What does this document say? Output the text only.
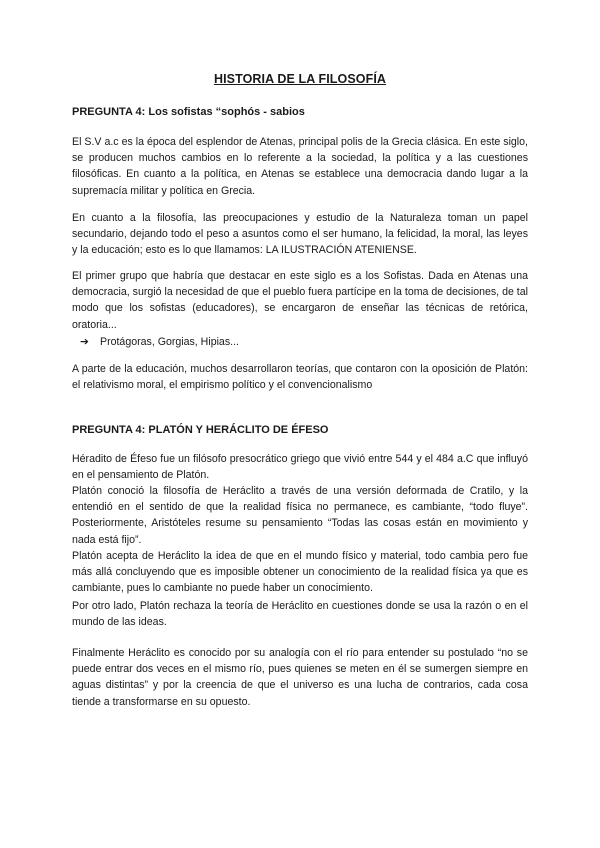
HISTORIA DE LA FILOSOFÍA
PREGUNTA 4: Los sofistas “sophós - sabios

El S.V a.c es la época del esplendor de Atenas, principal polis de la Grecia clásica. En este siglo, se producen muchos cambios en lo referente a la sociedad, la política y a las cuestiones filosóficas. En cuanto a la política, en Atenas se establece una democracia dando lugar a la supremacía militar y política en Grecia.

En cuanto a la filosofía, las preocupaciones y estudio de la Naturaleza toman un papel secundario, dejando todo el peso a asuntos como el ser humano, la felicidad, la moral, las leyes y la educación; esto es lo que llamamos: LA ILUSTRACIÓN ATENIENSE.

El primer grupo que habría que destacar en este siglo es a los Sofistas. Dada en Atenas una democracia, surgió la necesidad de que el pueblo fuera partícipe en la toma de decisiones, de tal modo que los sofistas (educadores), se encargaron de enseñar las técnicas de retórica, oratoria...

➔ Protágoras, Gorgias, Hipias...

A parte de la educación, muchos desarrollaron teorías, que contaron con la oposición de Platón: el relativismo moral, el empirismo político y el convencionalismo

PREGUNTA 4: PLATÓN Y HERÁCLITO DE ÉFESO

Héradito de Éfeso fue un filósofo presocrático griego que vivió entre 544 y el 484 a.C que influyó en el pensamiento de Platón.

Platón conoció la filosofía de Heráclito a través de una versión deformada de Cratilo, y la entendió en el sentido de que la realidad física no permanece, es cambiante, “todo fluye”. Posteriormente, Aristóteles resume su pensamiento “Todas las cosas están en movimiento y nada está fijo”.

Platón acepta de Heráclito la idea de que en el mundo físico y material, todo cambia pero fue más allá concluyendo que es imposible obtener un conocimiento de la realidad física ya que es cambiante, pues lo cambiante no puede haber un conocimiento.

Por otro lado, Platón rechaza la teoría de Heráclito en cuestiones donde se usa la razón o en el mundo de las ideas.

Finalmente Heráclito es conocido por su analogía con el río para entender su postulado “no se puede entrar dos veces en el mismo río, pues quienes se meten en él se sumergen siempre en aguas distintas” y por la creencia de que el universo es una lucha de contrarios, cada cosa tiende a transformarse en su opuesto.
